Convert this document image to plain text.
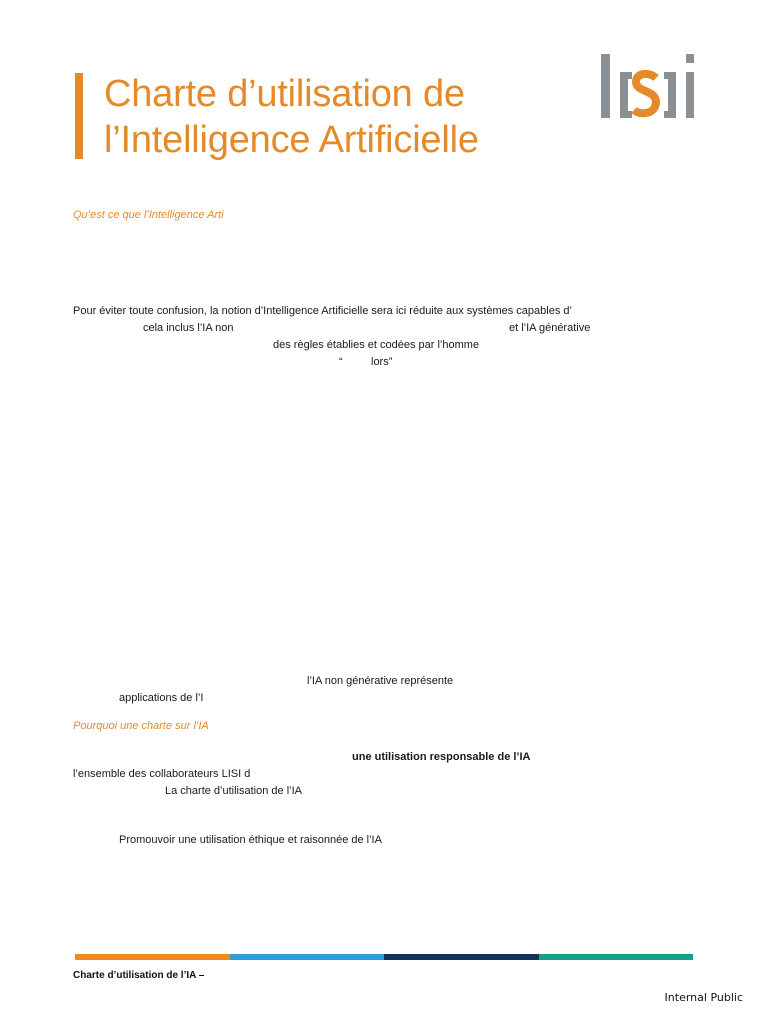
Charte d’utilisation de
l’Intelligence Artificielle

Qu’est ce que l’Intelligence Arti

Pour éviter toute confusion, la notion d’Intelligence Artificielle sera ici réduite aux systèmes capables d’

cela inclus l’IA non	et l’IA générative

des règles établies et codées par l’homme

“	lors”

l’IA non générative représente

applications de l’I

Pourquoi une charte sur l’IA

une utilisation responsable de l’IA

l’ensemble des collaborateurs LISI d

La charte d’utilisation de l’IA

Promouvoir une utilisation éthique et raisonnée de l’IA

Charte d’utilisation de l’IA –
Internal Public
